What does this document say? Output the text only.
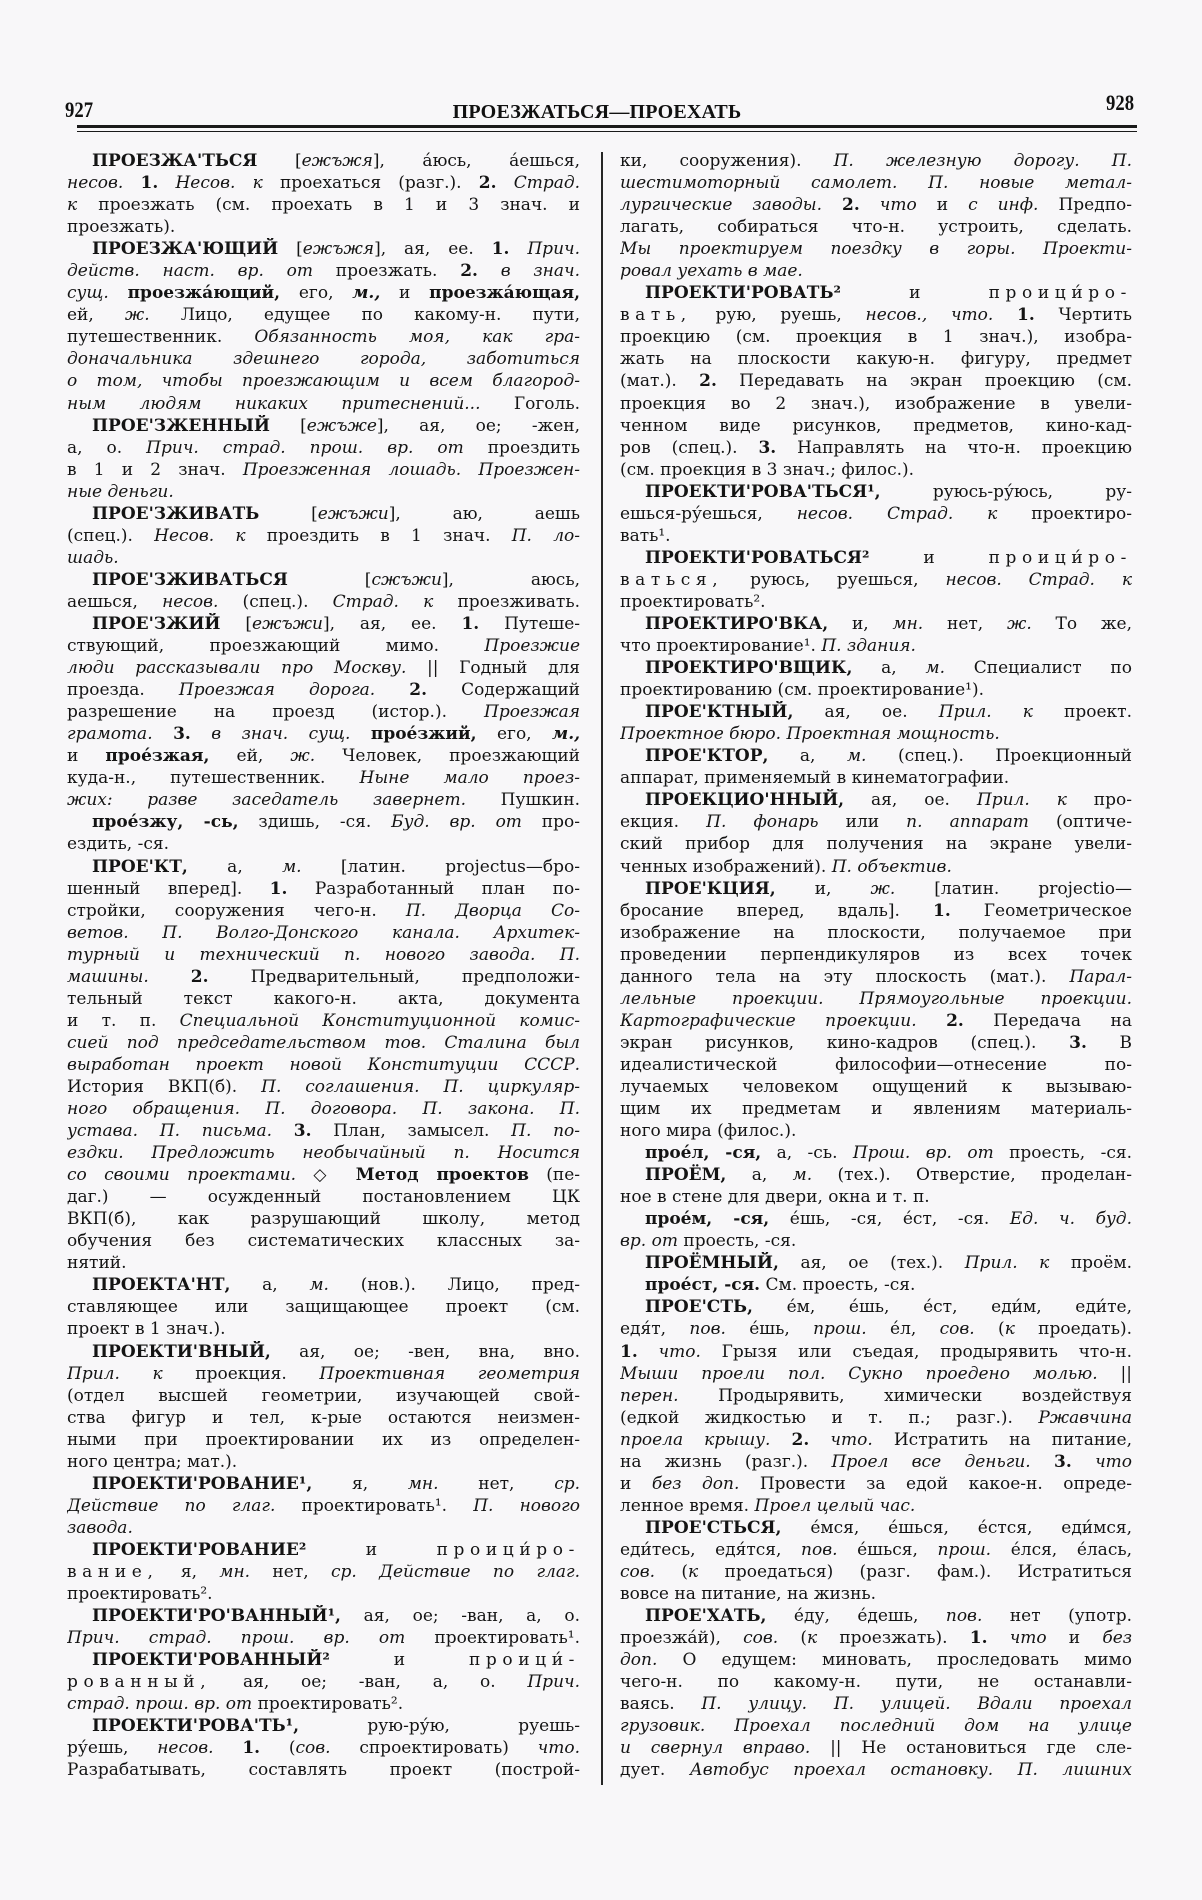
927	ПРОЕЗЖАТЬСЯ—ПРОЕХАТЬ	928
ПРОЕЗЖА'ТЬСЯ [ежъжя], а́юсь, а́ешься,
несов. 1. Несов. к проехаться (разг.). 2. Страд.
к проезжать (см. проехать в 1 и 3 знач. и
проезжать).
ПРОЕЗЖА'ЮЩИЙ [ежъжя], ая, ее. 1. Прич.
действ. наст. вр. от проезжать. 2. в знач.
сущ. проезжа́ющий, его, м., и проезжа́ющая,
ей, ж. Лицо, едущее по какому-н. пути,
путешественник. Обязанность моя, как гра-
доначальника здешнего города, заботиться
о том, чтобы проезжающим и всем благород-
ным людям никаких притеснений... Гоголь.
ПРОЕ'ЗЖЕННЫЙ [ежъже], ая, ое; -жен,
а, о. Прич. страд. прош. вр. от проездить
в 1 и 2 знач. Проезженная лошадь. Проезжен-
ные деньги.
ПРОЕ'ЗЖИВАТЬ [ежъжи], аю, аешь
(спец.). Несов. к проездить в 1 знач. П. ло-
шадь.
ПРОЕ'ЗЖИВАТЬСЯ [сжъжи], аюсь,
аешься, несов. (спец.). Страд. к проезживать.
ПРОЕ'ЗЖИЙ [ежъжи], ая, ее. 1. Путеше-
ствующий, проезжающий мимо. Проезжие
люди рассказывали про Москву. || Годный для
проезда. Проезжая дорога. 2. Содержащий
разрешение на проезд (истор.). Проезжая
грамота. 3. в знач. сущ. прое́зжий, его, м.,
и прое́зжая, ей, ж. Человек, проезжающий
куда-н., путешественник. Ныне мало проез-
жих: разве заседатель завернет. Пушкин.
прое́зжу, -сь, здишь, -ся. Буд. вр. от про-
ездить, -ся.
ПРОЕ'КТ, а, м. [латин. projectus—бро-
шенный вперед]. 1. Разработанный план по-
стройки, сооружения чего-н. П. Дворца Со-
ветов. П. Волго-Донского канала. Архитек-
турный и технический п. нового завода. П.
машины. 2. Предварительный, предположи-
тельный текст какого-н. акта, документа
и т. п. Специальной Конституционной комис-
сией под председательством тов. Сталина был
выработан проект новой Конституции СССР.
История ВКП(б). П. соглашения. П. циркуляр-
ного обращения. П. договора. П. закона. П.
устава. П. письма. 3. План, замысел. П. по-
ездки. Предложить необычайный п. Носится
со своими проектами. ◇ Метод проектов (пе-
даг.) — осужденный постановлением ЦК
ВКП(б), как разрушающий школу, метод
обучения без систематических классных за-
нятий.
ПРОЕКТА'НТ, а, м. (нов.). Лицо, пред-
ставляющее или защищающее проект (см.
проект в 1 знач.).
ПРОЕКТИ'ВНЫЙ, ая, ое; -вен, вна, вно.
Прил. к проекция. Проективная геометрия
(отдел высшей геометрии, изучающей свой-
ства фигур и тел, к-рые остаются неизмен-
ными при проектировании их из определен-
ного центра; мат.).
ПРОЕКТИ'РОВАНИЕ¹, я, мн. нет, ср.
Действие по глаг. проектировать¹. П. нового
завода.
ПРОЕКТИ'РОВАНИЕ² и проици́ро-
вание, я, мн. нет, ср. Действие по глаг.
проектировать².
ПРОЕКТИ'РО'ВАННЫЙ¹, ая, ое; -ван, а, о.
Прич. страд. прош. вр. от проектировать¹.
ПРОЕКТИ'РОВАННЫЙ² и проици́-
рованный, ая, ое; -ван, а, о. Прич.
страд. прош. вр. от проектировать².
ПРОЕКТИ'РОВА'ТЬ¹, рую-ру́ю, руешь-
ру́ешь, несов. 1. (сов. спроектировать) что.
Разрабатывать, составлять проект (построй-
ки, сооружения). П. железную дорогу. П.
шестимоторный самолет. П. новые метал-
лургические заводы. 2. что и с инф. Предпо-
лагать, собираться что-н. устроить, сделать.
Мы проектируем поездку в горы. Проекти-
ровал уехать в мае.
ПРОЕКТИ'РОВАТЬ² и проици́ро-
вать, рую, руешь, несов., что. 1. Чертить
проекцию (см. проекция в 1 знач.), изобра-
жать на плоскости какую-н. фигуру, предмет
(мат.). 2. Передавать на экран проекцию (см.
проекция во 2 знач.), изображение в увели-
ченном виде рисунков, предметов, кино-кад-
ров (спец.). 3. Направлять на что-н. проекцию
(см. проекция в 3 знач.; филос.).
ПРОЕКТИ'РОВА'ТЬСЯ¹, руюсь-ру́юсь, ру-
ешься-ру́ешься, несов. Страд. к проектиро-
вать¹.
ПРОЕКТИ'РОВАТЬСЯ² и проици́ро-
ваться, руюсь, руешься, несов. Страд. к
проектировать².
ПРОЕКТИРО'ВКА, и, мн. нет, ж. То же,
что проектирование¹. П. здания.
ПРОЕКТИРО'ВЩИК, а, м. Специалист по
проектированию (см. проектирование¹).
ПРОЕ'КТНЫЙ, ая, ое. Прил. к проект.
Проектное бюро. Проектная мощность.
ПРОЕ'КТОР, а, м. (спец.). Проекционный
аппарат, применяемый в кинематографии.
ПРОЕКЦИО'ННЫЙ, ая, ое. Прил. к про-
екция. П. фонарь или п. аппарат (оптиче-
ский прибор для получения на экране увели-
ченных изображений). П. объектив.
ПРОЕ'КЦИЯ, и, ж. [латин. projectio—
бросание вперед, вдаль]. 1. Геометрическое
изображение на плоскости, получаемое при
проведении перпендикуляров из всех точек
данного тела на эту плоскость (мат.). Парал-
лельные проекции. Прямоугольные проекции.
Картографические проекции. 2. Передача на
экран рисунков, кино-кадров (спец.). 3. В
идеалистической философии—отнесение по-
лучаемых человеком ощущений к вызываю-
щим их предметам и явлениям материаль-
ного мира (филос.).
прое́л, -ся, а, -сь. Прош. вр. от проесть, -ся.
ПРОЁМ, а, м. (тех.). Отверстие, проделан-
ное в стене для двери, окна и т. п.
прое́м, -ся, е́шь, -ся, е́ст, -ся. Ед. ч. буд.
вр. от проесть, -ся.
ПРОЁМНЫЙ, ая, ое (тех.). Прил. к проём.
прое́ст, -ся. См. проесть, -ся.
ПРОЕ'СТЬ, е́м, е́шь, е́ст, еди́м, еди́те,
едя́т, пов. е́шь, прош. е́л, сов. (к проедать).
1. что. Грызя или съедая, продырявить что-н.
Мыши проели пол. Сукно проедено молью. ||
перен. Продырявить, химически воздействуя
(едкой жидкостью и т. п.; разг.). Ржавчина
проела крышу. 2. что. Истратить на питание,
на жизнь (разг.). Проел все деньги. 3. что
и без доп. Провести за едой какое-н. опреде-
ленное время. Проел целый час.
ПРОЕ'СТЬСЯ, е́мся, е́шься, е́стся, еди́мся,
еди́тесь, едя́тся, пов. е́шься, прош. е́лся, е́лась,
сов. (к проедаться) (разг. фам.). Истратиться
вовсе на питание, на жизнь.
ПРОЕ'ХАТЬ, е́ду, е́дешь, пов. нет (употр.
проезжа́й), сов. (к проезжать). 1. что и без
доп. О едущем: миновать, проследовать мимо
чего-н. по какому-н. пути, не останавли-
ваясь. П. улицу. П. улицей. Вдали проехал
грузовик. Проехал последний дом на улице
и свернул вправо. || Не остановиться где сле-
дует. Автобус проехал остановку. П. лишних
